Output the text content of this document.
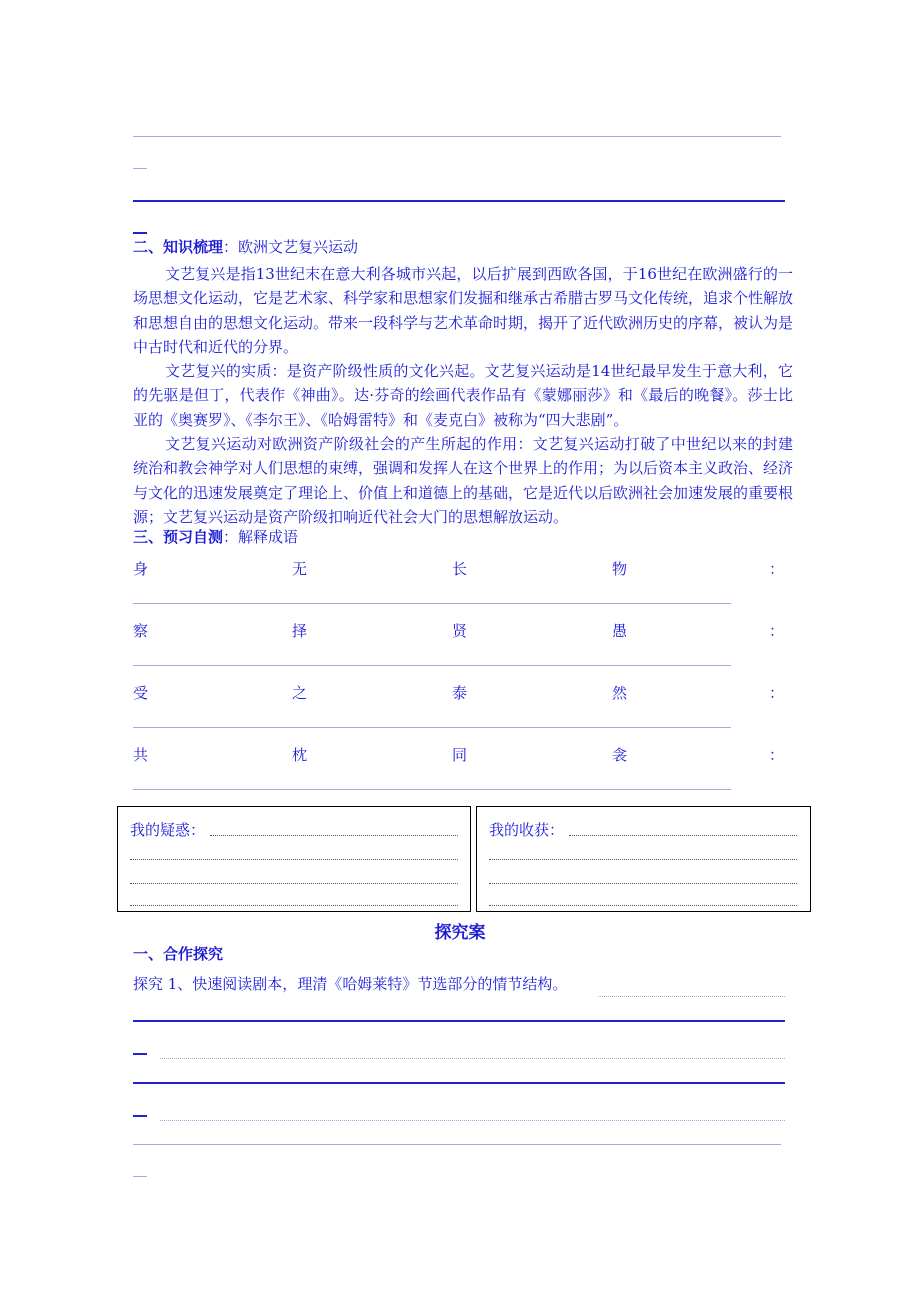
二、知识梳理：欧洲文艺复兴运动

文艺复兴是指13世纪末在意大利各城市兴起，以后扩展到西欧各国，于16世纪在欧洲盛行的一场思想文化运动，它是艺术家、科学家和思想家们发掘和继承古希腊古罗马文化传统，追求个性解放和思想自由的思想文化运动。带来一段科学与艺术革命时期，揭开了近代欧洲历史的序幕，被认为是中古时代和近代的分界。

文艺复兴的实质：是资产阶级性质的文化兴起。文艺复兴运动是14世纪最早发生于意大利，它的先驱是但丁，代表作《神曲》。达·芬奇的绘画代表作品有《蒙娜丽莎》和《最后的晚餐》。莎士比亚的《奥赛罗》、《李尔王》、《哈姆雷特》和《麦克白》被称为“四大悲剧”。

文艺复兴运动对欧洲资产阶级社会的产生所起的作用：文艺复兴运动打破了中世纪以来的封建统治和教会神学对人们思想的束缚，强调和发挥人在这个世界上的作用；为以后资本主义政治、经济与文化的迅速发展奠定了理论上、价值上和道德上的基础，它是近代以后欧洲社会加速发展的重要根源；文艺复兴运动是资产阶级扣响近代社会大门的思想解放运动。

三、预习自测：解释成语
身	无	长	物	：
察	择	贤	愚	：
受	之	泰	然	：
共	枕	同	衾	：
我的疑惑：	我的收获：
探究案
一、合作探究
探究 1、快速阅读剧本，理清《哈姆莱特》节选部分的情节结构。
